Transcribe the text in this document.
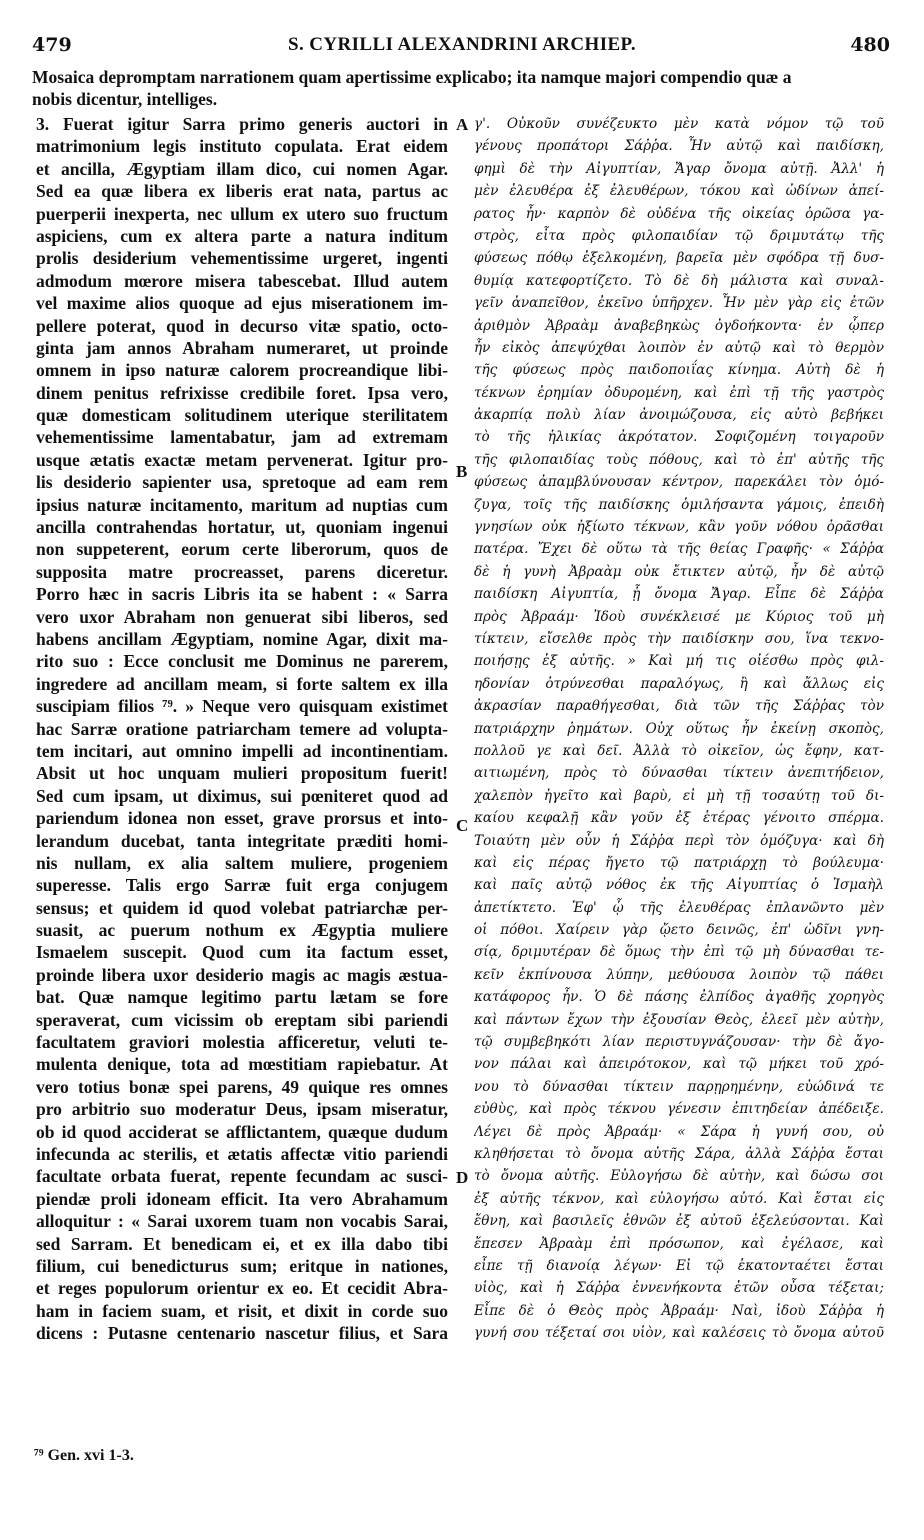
479	S. CYRILLI ALEXANDRINI ARCHIEP.	480
Mosaica depromptam narrationem quam apertissime explicabo; ita namque majori compendio quæ a
nobis dicentur, intelliges.
3. Fuerat igitur Sarra primo generis auctori in
matrimonium legis instituto copulata. Erat eidem
et ancilla, Ægyptiam illam dico, cui nomen Agar.
Sed ea quæ libera ex liberis erat nata, partus ac
puerperii inexperta, nec ullum ex utero suo fructum
aspiciens, cum ex altera parte a natura inditum
prolis desiderium vehementissime urgeret, ingenti
admodum mœrore misera tabescebat. Illud autem
vel maxime alios quoque ad ejus miserationem im-
pellere poterat, quod in decurso vitæ spatio, octo-
ginta jam annos Abraham numeraret, ut proinde
omnem in ipso naturæ calorem procreandique libi-
dinem penitus refrixisse credibile foret. Ipsa vero,
quæ domesticam solitudinem uterique sterilitatem
vehementissime lamentabatur, jam ad extremam
usque ætatis exactæ metam pervenerat. Igitur pro-
lis desiderio sapienter usa, spretoque ad eam rem
ipsius naturæ incitamento, maritum ad nuptias cum
ancilla contrahendas hortatur, ut, quoniam ingenui
non suppeterent, eorum certe liberorum, quos de
supposita matre procreasset, parens diceretur.
Porro hæc in sacris Libris ita se habent : « Sarra
vero uxor Abraham non genuerat sibi liberos, sed
habens ancillam Ægyptiam, nomine Agar, dixit ma-
rito suo : Ecce conclusit me Dominus ne parerem,
ingredere ad ancillam meam, si forte saltem ex illa
suscipiam filios ⁷⁹. » Neque vero quisquam existimet
hac Sarræ oratione patriarcham temere ad volupta-
tem incitari, aut omnino impelli ad incontinentiam.
Absit ut hoc unquam mulieri propositum fuerit!
Sed cum ipsam, ut diximus, sui pœniteret quod ad
pariendum idonea non esset, grave prorsus et into-
lerandum ducebat, tanta integritate præditi homi-
nis nullam, ex alia saltem muliere, progeniem
superesse. Talis ergo Sarræ fuit erga conjugem
sensus; et quidem id quod volebat patriarchæ per-
suasit, ac puerum nothum ex Ægyptia muliere
Ismaelem suscepit. Quod cum ita factum esset,
proinde libera uxor desiderio magis ac magis æstua-
bat. Quæ namque legitimo partu lætam se fore
speraverat, cum vicissim ob ereptam sibi pariendi
facultatem graviori molestia afficeretur, veluti te-
mulenta denique, tota ad mœstitiam rapiebatur. At
vero totius bonæ spei parens, 49 quique res omnes
pro arbitrio suo moderatur Deus, ipsam miseratur,
ob id quod acciderat se afflictantem, quæque dudum
infecunda ac sterilis, et ætatis affectæ vitio pariendi
facultate orbata fuerat, repente fecundam ac susci-
piendæ proli idoneam efficit. Ita vero Abrahamum
alloquitur : « Sarai uxorem tuam non vocabis Sarai,
sed Sarram. Et benedicam ei, et ex illa dabo tibi
filium, cui benedicturus sum; eritque in nationes,
et reges populorum orientur ex eo. Et cecidit Abra-
ham in faciem suam, et risit, et dixit in corde suo
dicens : Putasne centenario nascetur filius, et Sara
γ'. Οὐκοῦν συνέζευκτο μὲν κατὰ νόμον τῷ τοῦ
γένους προπάτορι Σάῤῥα. Ἦν αὐτῷ καὶ παιδίσκη,
φημὶ δὲ τὴν Αἰγυπτίαν, Ἄγαρ ὄνομα αὐτῇ. Ἀλλ' ἡ
μὲν ἐλευθέρα ἐξ ἐλευθέρων, τόκου καὶ ὠδίνων ἀπεί-
ρατος ἦν· καρπὸν δὲ οὐδένα τῆς οἰκείας ὁρῶσα γα-
στρὸς, εἶτα πρὸς φιλοπαιδίαν τῷ δριμυτάτῳ τῆς
φύσεως πόθῳ ἐξελκομένη, βαρεῖα μὲν σφόδρα τῇ δυσ-
θυμίᾳ κατεφορτίζετο. Τὸ δὲ δὴ μάλιστα καὶ συναλ-
γεῖν ἀναπεῖθον, ἐκεῖνο ὑπῆρχεν. Ἦν μὲν γὰρ εἰς ἐτῶν
ἀριθμὸν Ἀβραὰμ ἀναβεβηκὼς ὀγδοήκοντα· ἐν ᾧπερ
ἦν εἰκὸς ἀπεψύχθαι λοιπὸν ἐν αὐτῷ καὶ τὸ θερμὸν
τῆς φύσεως πρὸς παιδοποιΐας κίνημα. Αὐτὴ δὲ ἡ
τέκνων ἐρημίαν ὀδυρομένη, καὶ ἐπὶ τῇ τῆς γαστρὸς
ἀκαρπίᾳ πολὺ λίαν ἀνοιμώζουσα, εἰς αὐτὸ βεβήκει
τὸ τῆς ἡλικίας ἀκρότατον. Σοφιζομένη τοιγαροῦν
τῆς φιλοπαιδίας τοὺς πόθους, καὶ τὸ ἐπ' αὐτῆς τῆς
φύσεως ἀπαμβλύνουσαν κέντρον, παρεκάλει τὸν ὁμό-
ζυγα, τοῖς τῆς παιδίσκης ὁμιλήσαντα γάμοις, ἐπειδὴ
γνησίων οὐκ ἠξίωτο τέκνων, κἂν γοῦν νόθου ὁρᾶσθαι
πατέρα. Ἔχει δὲ οὕτω τὰ τῆς θείας Γραφῆς· « Σάῤῥα
δὲ ἡ γυνὴ Ἀβραὰμ οὐκ ἔτικτεν αὐτῷ, ἦν δὲ αὐτῷ
παιδίσκη Αἰγυπτία, ᾗ ὄνομα Ἄγαρ. Εἶπε δὲ Σάῤῥα
πρὸς Ἀβραάμ· Ἰδοὺ συνέκλεισέ με Κύριος τοῦ μὴ
τίκτειν, εἴσελθε πρὸς τὴν παιδίσκην σου, ἵνα τεκνο-
ποιήσῃς ἐξ αὐτῆς. » Καὶ μή τις οἰέσθω πρὸς φιλ-
ηδονίαν ὀτρύνεσθαι παραλόγως, ἢ καὶ ἄλλως εἰς
ἀκρασίαν παραθήγεσθαι, διὰ τῶν τῆς Σάῤῥας τὸν
πατριάρχην ῥημάτων. Οὐχ οὕτως ἦν ἐκείνῃ σκοπὸς,
πολλοῦ γε καὶ δεῖ. Ἀλλὰ τὸ οἰκεῖον, ὡς ἔφην, κατ-
αιτιωμένη, πρὸς τὸ δύνασθαι τίκτειν ἀνεπιτήδειον,
χαλεπὸν ἡγεῖτο καὶ βαρὺ, εἰ μὴ τῇ τοσαύτῃ τοῦ δι-
καίου κεφαλῇ κἂν γοῦν ἐξ ἑτέρας γένοιτο σπέρμα.
Τοιαύτη μὲν οὖν ἡ Σάῤῥα περὶ τὸν ὁμόζυγα· καὶ δὴ
καὶ εἰς πέρας ἤγετο τῷ πατριάρχῃ τὸ βούλευμα·
καὶ παῖς αὐτῷ νόθος ἐκ τῆς Αἰγυπτίας ὁ Ἰσμαὴλ
ἀπετίκτετο. Ἐφ' ᾧ τῆς ἐλευθέρας ἐπλανῶντο μὲν
οἱ πόθοι. Χαίρειν γὰρ ᾤετο δεινῶς, ἐπ' ὠδῖνι γνη-
σίᾳ, δριμυτέραν δὲ ὅμως τὴν ἐπὶ τῷ μὴ δύνασθαι τε-
κεῖν ἐκπίνουσα λύπην, μεθύουσα λοιπὸν τῷ πάθει
κατάφορος ἦν. Ὁ δὲ πάσης ἐλπίδος ἀγαθῆς χορηγὸς
καὶ πάντων ἔχων τὴν ἐξουσίαν Θεὸς, ἐλεεῖ μὲν αὐτὴν,
τῷ συμβεβηκότι λίαν περιστυγνάζουσαν· τὴν δὲ ἄγο-
νον πάλαι καὶ ἀπειρότοκον, καὶ τῷ μήκει τοῦ χρό-
νου τὸ δύνασθαι τίκτειν παρῃρημένην, εὐώδινά τε
εὐθὺς, καὶ πρὸς τέκνου γένεσιν ἐπιτηδείαν ἀπέδειξε.
Λέγει δὲ πρὸς Ἀβραάμ· « Σάρα ἡ γυνή σου, οὐ
κληθήσεται τὸ ὄνομα αὐτῆς Σάρα, ἀλλὰ Σάῤῥα ἔσται
τὸ ὄνομα αὐτῆς. Εὐλογήσω δὲ αὐτὴν, καὶ δώσω σοι
ἐξ αὐτῆς τέκνον, καὶ εὐλογήσω αὐτό. Καὶ ἔσται εἰς
ἔθνη, καὶ βασιλεῖς ἐθνῶν ἐξ αὐτοῦ ἐξελεύσονται. Καὶ
ἔπεσεν Ἀβραὰμ ἐπὶ πρόσωπον, καὶ ἐγέλασε, καὶ
εἶπε τῇ διανοίᾳ λέγων· Εἰ τῷ ἑκατονταέτει ἔσται
υἱὸς, καὶ ἡ Σάῤῥα ἐννενήκοντα ἐτῶν οὖσα τέξεται;
Εἶπε δὲ ὁ Θεὸς πρὸς Ἀβραάμ· Ναὶ, ἰδοὺ Σάῤῥα ἡ
γυνή σου τέξεταί σοι υἱὸν, καὶ καλέσεις τὸ ὄνομα αὐτοῦ
A
B
C
D
⁷⁹ Gen. xvi 1-3.
